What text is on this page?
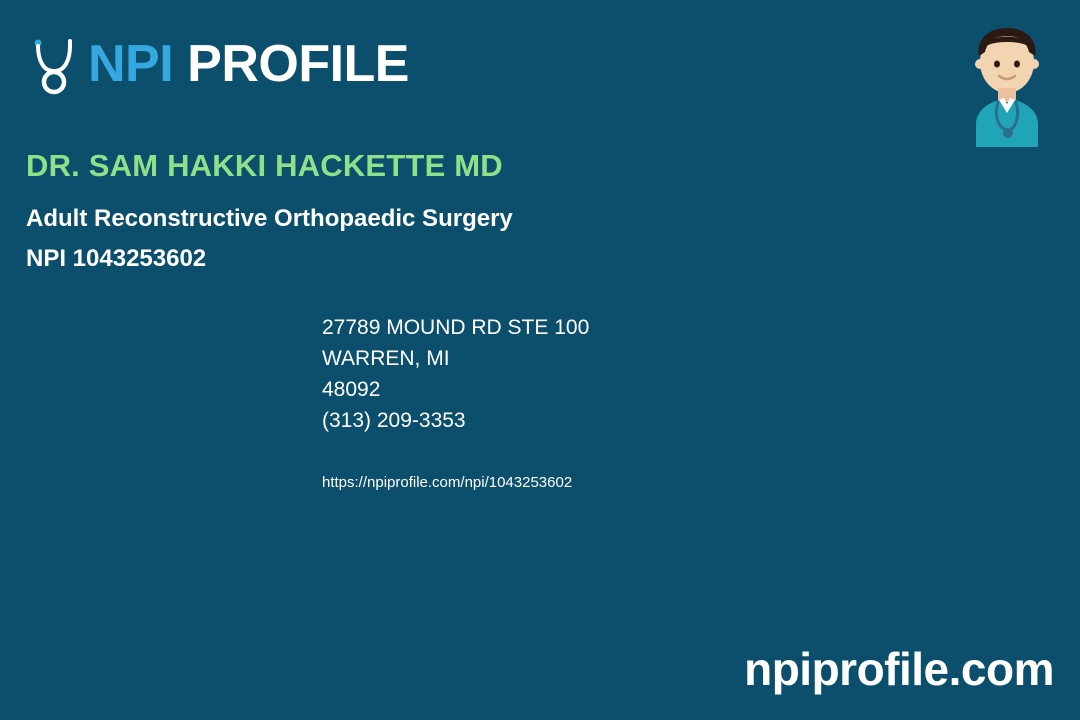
NPI PROFILE
DR. SAM HAKKI HACKETTE MD
Adult Reconstructive Orthopaedic Surgery
NPI 1043253602
27789 MOUND RD STE 100
WARREN, MI
48092
(313) 209-3353
https://npiprofile.com/npi/1043253602
npiprofile.com
